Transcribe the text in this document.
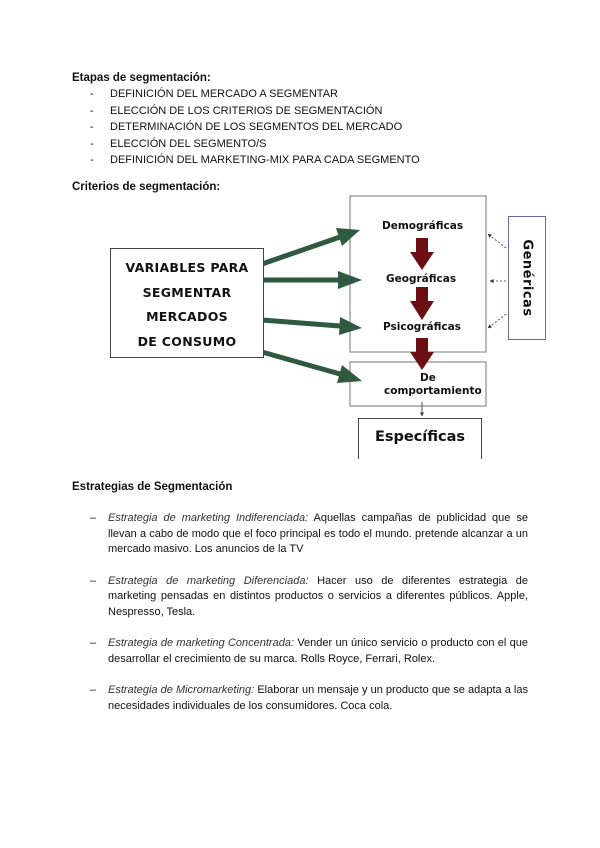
Etapas de segmentación:
- DEFINICIÓN DEL MERCADO A SEGMENTAR
- ELECCIÓN DE LOS CRITERIOS DE SEGMENTACIÓN
- DETERMINACIÓN DE LOS SEGMENTOS DEL MERCADO
- ELECCIÓN DEL SEGMENTO/S
- DEFINICIÓN DEL MARKETING-MIX PARA CADA SEGMENTO
Criterios de segmentación:
VARIABLES PARA
SEGMENTAR
MERCADOS
DE CONSUMO
Demográficas
Geográficas
Psicográficas
De
comportamiento
Genéricas
Específicas
Estrategias de Segmentación
– Estrategia de marketing Indiferenciada: Aquellas campañas de publicidad que se llevan a cabo de modo que el foco principal es todo el mundo. pretende alcanzar a un mercado masivo. Los anuncios de la TV
– Estrategia de marketing Diferenciada: Hacer uso de diferentes estrategia de marketing pensadas en distintos productos o servicios a diferentes públicos. Apple, Nespresso, Tesla.
– Estrategia de marketing Concentrada: Vender un único servicio o producto con el que desarrollar el crecimiento de su marca. Rolls Royce, Ferrari, Rolex.
– Estrategia de Micromarketing: Elaborar un mensaje y un producto que se adapta a las necesidades individuales de los consumidores. Coca cola.
